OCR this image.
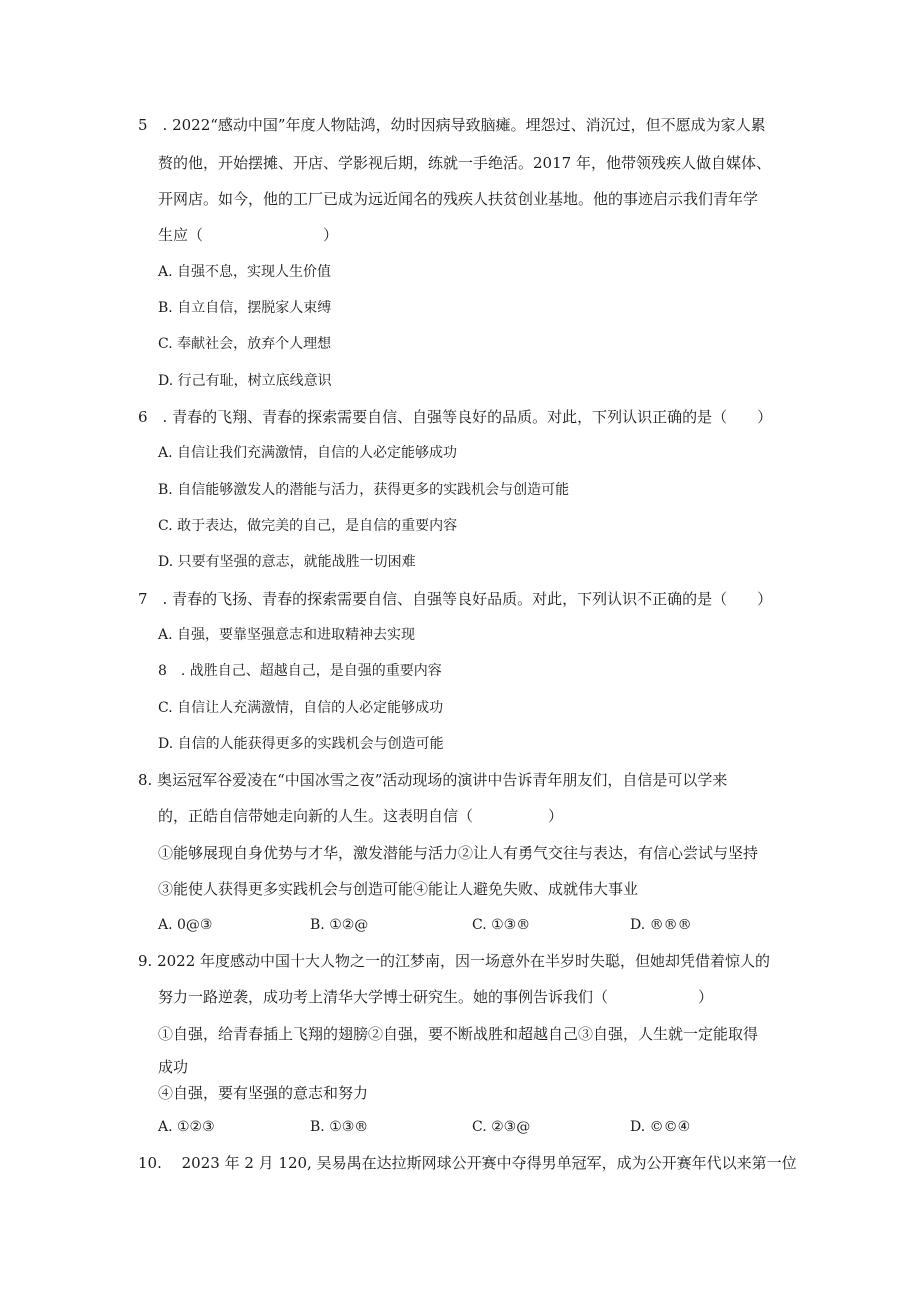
5　. 2022“感动中国”年度人物陆鸿，幼时因病导致脑瘫。埋怨过、消沉过，但不愿成为家人累
赘的他，开始摆摊、开店、学影视后期，练就一手绝活。2017 年，他带领残疾人做自媒体、
开网店。如今，他的工厂已成为远近闻名的残疾人扶贫创业基地。他的事迹启示我们青年学
生应（　　　　　　　　）
A. 自强不息，实现人生价值
B. 自立自信，摆脱家人束缚
C. 奉献社会，放弃个人理想
D. 行己有耻，树立底线意识
6　. 青春的飞翔、青春的探索需要自信、自强等良好的品质。对此，下列认识正确的是（　　）
A. 自信让我们充满激情，自信的人必定能够成功
B. 自信能够激发人的潜能与活力，获得更多的实践机会与创造可能
C. 敢于表达，做完美的自己，是自信的重要内容
D. 只要有坚强的意志，就能战胜一切困难
7　. 青春的飞扬、青春的探索需要自信、自强等良好品质。对此，下列认识不正确的是（　　）
A. 自强，要靠坚强意志和进取精神去实现
8　. 战胜自己、超越自己，是自强的重要内容
C. 自信让人充满激情，自信的人必定能够成功
D. 自信的人能获得更多的实践机会与创造可能
8. 奥运冠军谷爱凌在“中国冰雪之夜”活动现场的演讲中告诉青年朋友们，自信是可以学来
的，正皓自信带她走向新的人生。这表明自信（　　　　　）
①能够展现自身优势与才华，激发潜能与活力②让人有勇气交往与表达，有信心尝试与坚持
③能使人获得更多实践机会与创造可能④能让人避免失败、成就伟大事业
A. 0@③	B. ①②@	C. ①③®	D. ®®®
9. 2022 年度感动中国十大人物之一的江梦南，因一场意外在半岁时失聪，但她却凭借着惊人的
努力一路逆袭，成功考上清华大学博士研究生。她的事例告诉我们（　　　　　　）
①自强，给青春插上飞翔的翅膀②自强，要不断战胜和超越自己③自强，人生就一定能取得
成功
④自强，要有坚强的意志和努力
A. ①②③	B. ①③®	C. ②③@	D. ©©④
10.　 2023 年 2 月 120, 吴易禺在达拉斯网球公开赛中夺得男单冠军，成为公开赛年代以来第一位
